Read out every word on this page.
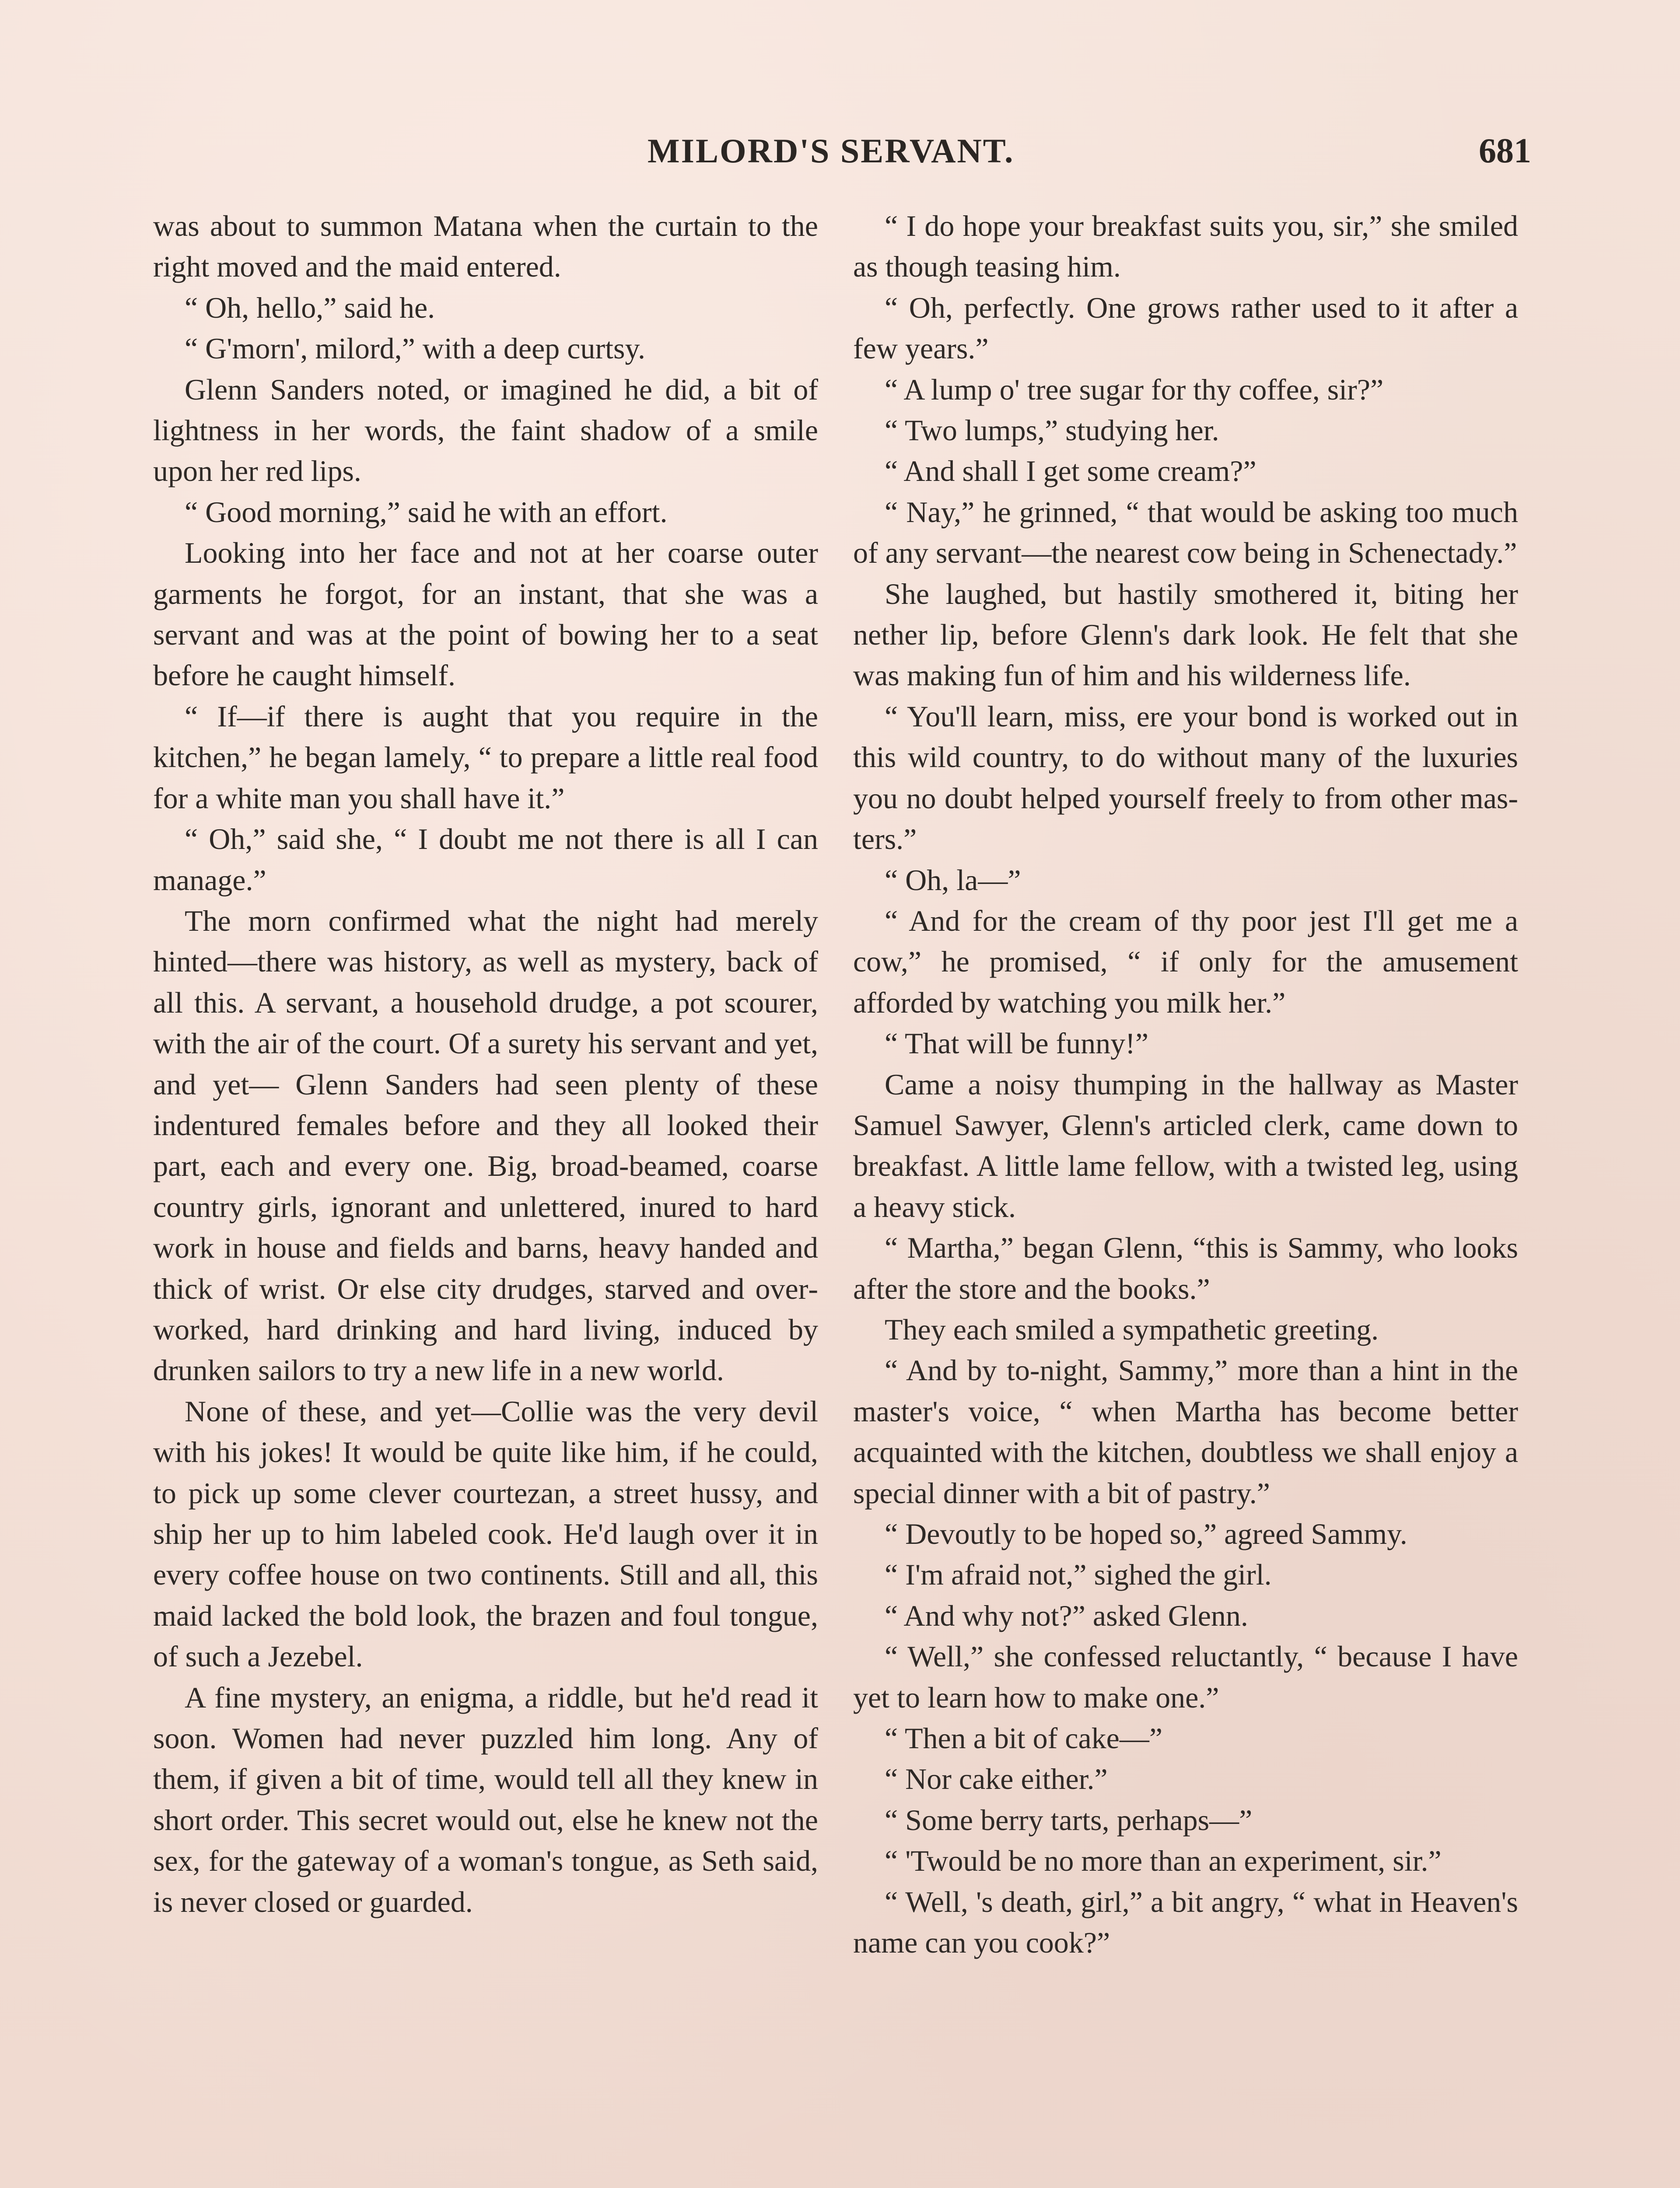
MILORD'S SERVANT.	681

was about to summon Matana when the curtain to the right moved and the maid entered.

“ Oh, hello,” said he.

“ G'morn', milord,” with a deep curtsy.

Glenn Sanders noted, or imagined he did, a bit of lightness in her words, the faint shadow of a smile upon her red lips.

“ Good morning,” said he with an effort.

Looking into her face and not at her coarse outer garments he forgot, for an instant, that she was a servant and was at the point of bowing her to a seat before he caught himself.

“ If—if there is aught that you require in the kitchen,” he began lamely, “ to prepare a little real food for a white man you shall have it.”

“ Oh,” said she, “ I doubt me not there is all I can manage.”

The morn confirmed what the night had merely hinted—there was history, as well as mystery, back of all this. A servant, a household drudge, a pot scourer, with the air of the court. Of a surety his servant and yet, and yet— Glenn Sanders had seen plenty of these indentured females before and they all looked their part, each and every one. Big, broad-beamed, coarse country girls, ignorant and unlettered, inured to hard work in house and fields and barns, heavy handed and thick of wrist. Or else city drudges, starved and overworked, hard drinking and hard living, induced by drunken sailors to try a new life in a new world.

None of these, and yet—Collie was the very devil with his jokes! It would be quite like him, if he could, to pick up some clever courtezan, a street hussy, and ship her up to him labeled cook. He'd laugh over it in every coffee house on two continents. Still and all, this maid lacked the bold look, the brazen and foul tongue, of such a Jezebel.

A fine mystery, an enigma, a riddle, but he'd read it soon. Women had never puzzled him long. Any of them, if given a bit of time, would tell all they knew in short order. This secret would out, else he knew not the sex, for the gateway of a woman's tongue, as Seth said, is never closed or guarded.

“ I do hope your breakfast suits you, sir,” she smiled as though teasing him.

“ Oh, perfectly. One grows rather used to it after a few years.”

“ A lump o' tree sugar for thy coffee, sir?”

“ Two lumps,” studying her.

“ And shall I get some cream?”

“ Nay,” he grinned, “ that would be asking too much of any servant—the nearest cow being in Schenectady.”

She laughed, but hastily smothered it, biting her nether lip, before Glenn's dark look. He felt that she was making fun of him and his wilderness life.

“ You'll learn, miss, ere your bond is worked out in this wild country, to do without many of the luxuries you no doubt helped yourself freely to from other masters.”

“ Oh, la—”

“ And for the cream of thy poor jest I'll get me a cow,” he promised, “ if only for the amusement afforded by watching you milk her.”

“ That will be funny!”

Came a noisy thumping in the hallway as Master Samuel Sawyer, Glenn's articled clerk, came down to breakfast. A little lame fellow, with a twisted leg, using a heavy stick.

“ Martha,” began Glenn, “this is Sammy, who looks after the store and the books.”

They each smiled a sympathetic greeting.

“ And by to-night, Sammy,” more than a hint in the master's voice, “ when Martha has become better acquainted with the kitchen, doubtless we shall enjoy a special dinner with a bit of pastry.”

“ Devoutly to be hoped so,” agreed Sammy.

“ I'm afraid not,” sighed the girl.

“ And why not?” asked Glenn.

“ Well,” she confessed reluctantly, “ because I have yet to learn how to make one.”

“ Then a bit of cake—”

“ Nor cake either.”

“ Some berry tarts, perhaps—”

“ 'Twould be no more than an experiment, sir.”

“ Well, 's death, girl,” a bit angry, “ what in Heaven's name can you cook?”
